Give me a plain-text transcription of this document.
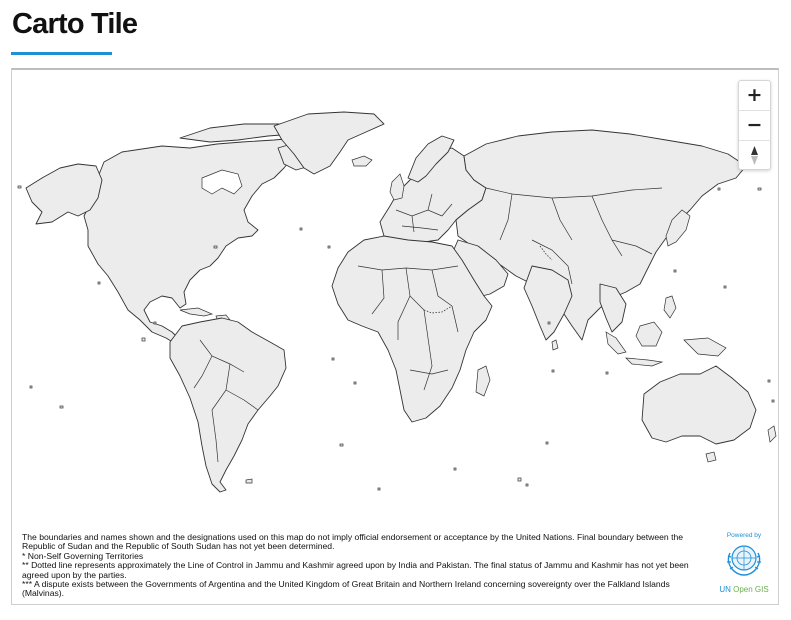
Carto Tile
+
−

The boundaries and names shown and the designations used on this map do not imply official endorsement or acceptance by the United Nations. Final boundary between the Republic of Sudan and the Republic of South Sudan has not yet been determined.

* Non-Self Governing Territories

** Dotted line represents approximately the Line of Control in Jammu and Kashmir agreed upon by India and Pakistan. The final status of Jammu and Kashmir has not yet been agreed upon by the parties.

*** A dispute exists between the Governments of Argentina and the United Kingdom of Great Britain and Northern Ireland concerning sovereignty over the Falkland Islands (Malvinas).

Powered by
UN Open GIS
